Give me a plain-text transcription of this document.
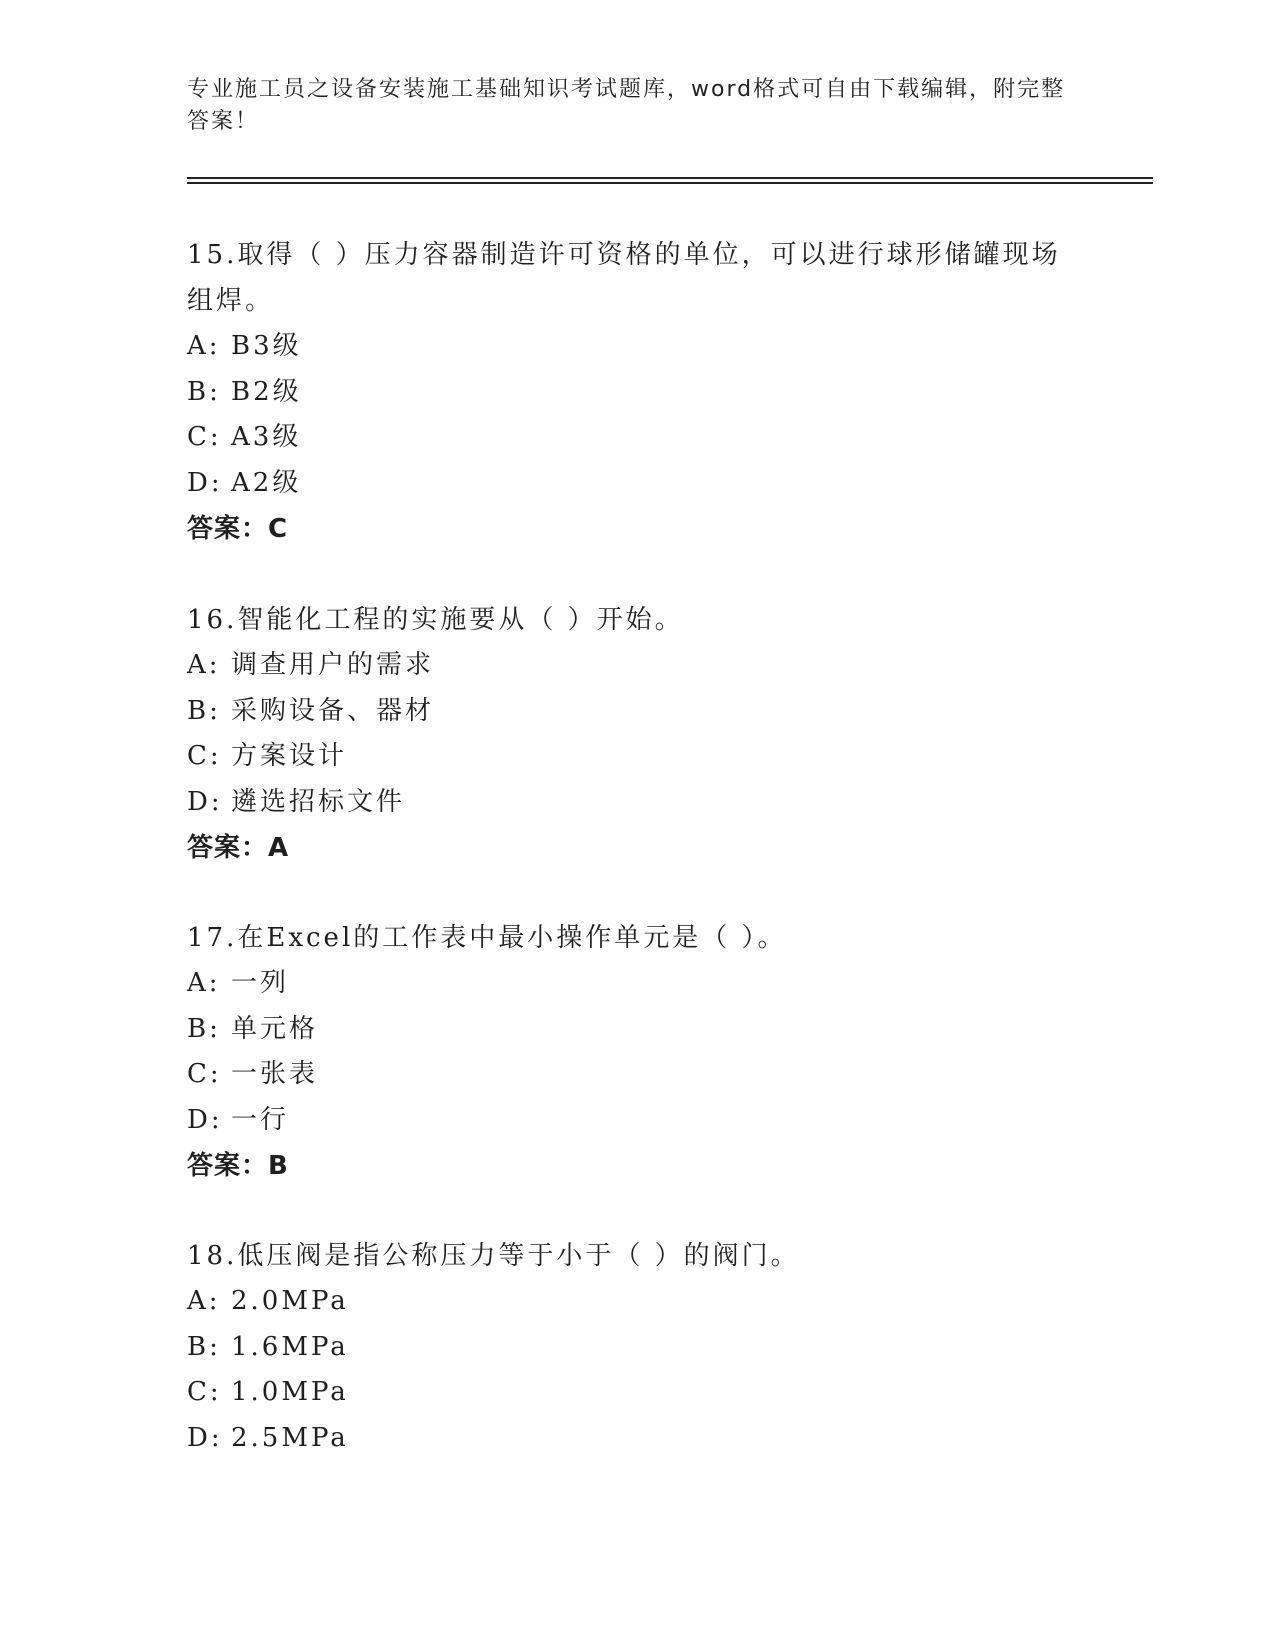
专业施工员之设备安装施工基础知识考试题库，word格式可自由下载编辑，附完整答案！

15.取得（ ）压力容器制造许可资格的单位，可以进行球形储罐现场组焊。

A: B3级

B: B2级

C: A3级

D: A2级

答案：C

16.智能化工程的实施要从（ ）开始。

A: 调查用户的需求

B: 采购设备、器材

C: 方案设计

D: 遴选招标文件

答案：A

17.在Excel的工作表中最小操作单元是（ ）。

A: 一列

B: 单元格

C: 一张表

D: 一行

答案：B

18.低压阀是指公称压力等于小于（ ）的阀门。

A: 2.0MPa

B: 1.6MPa

C: 1.0MPa

D: 2.5MPa
